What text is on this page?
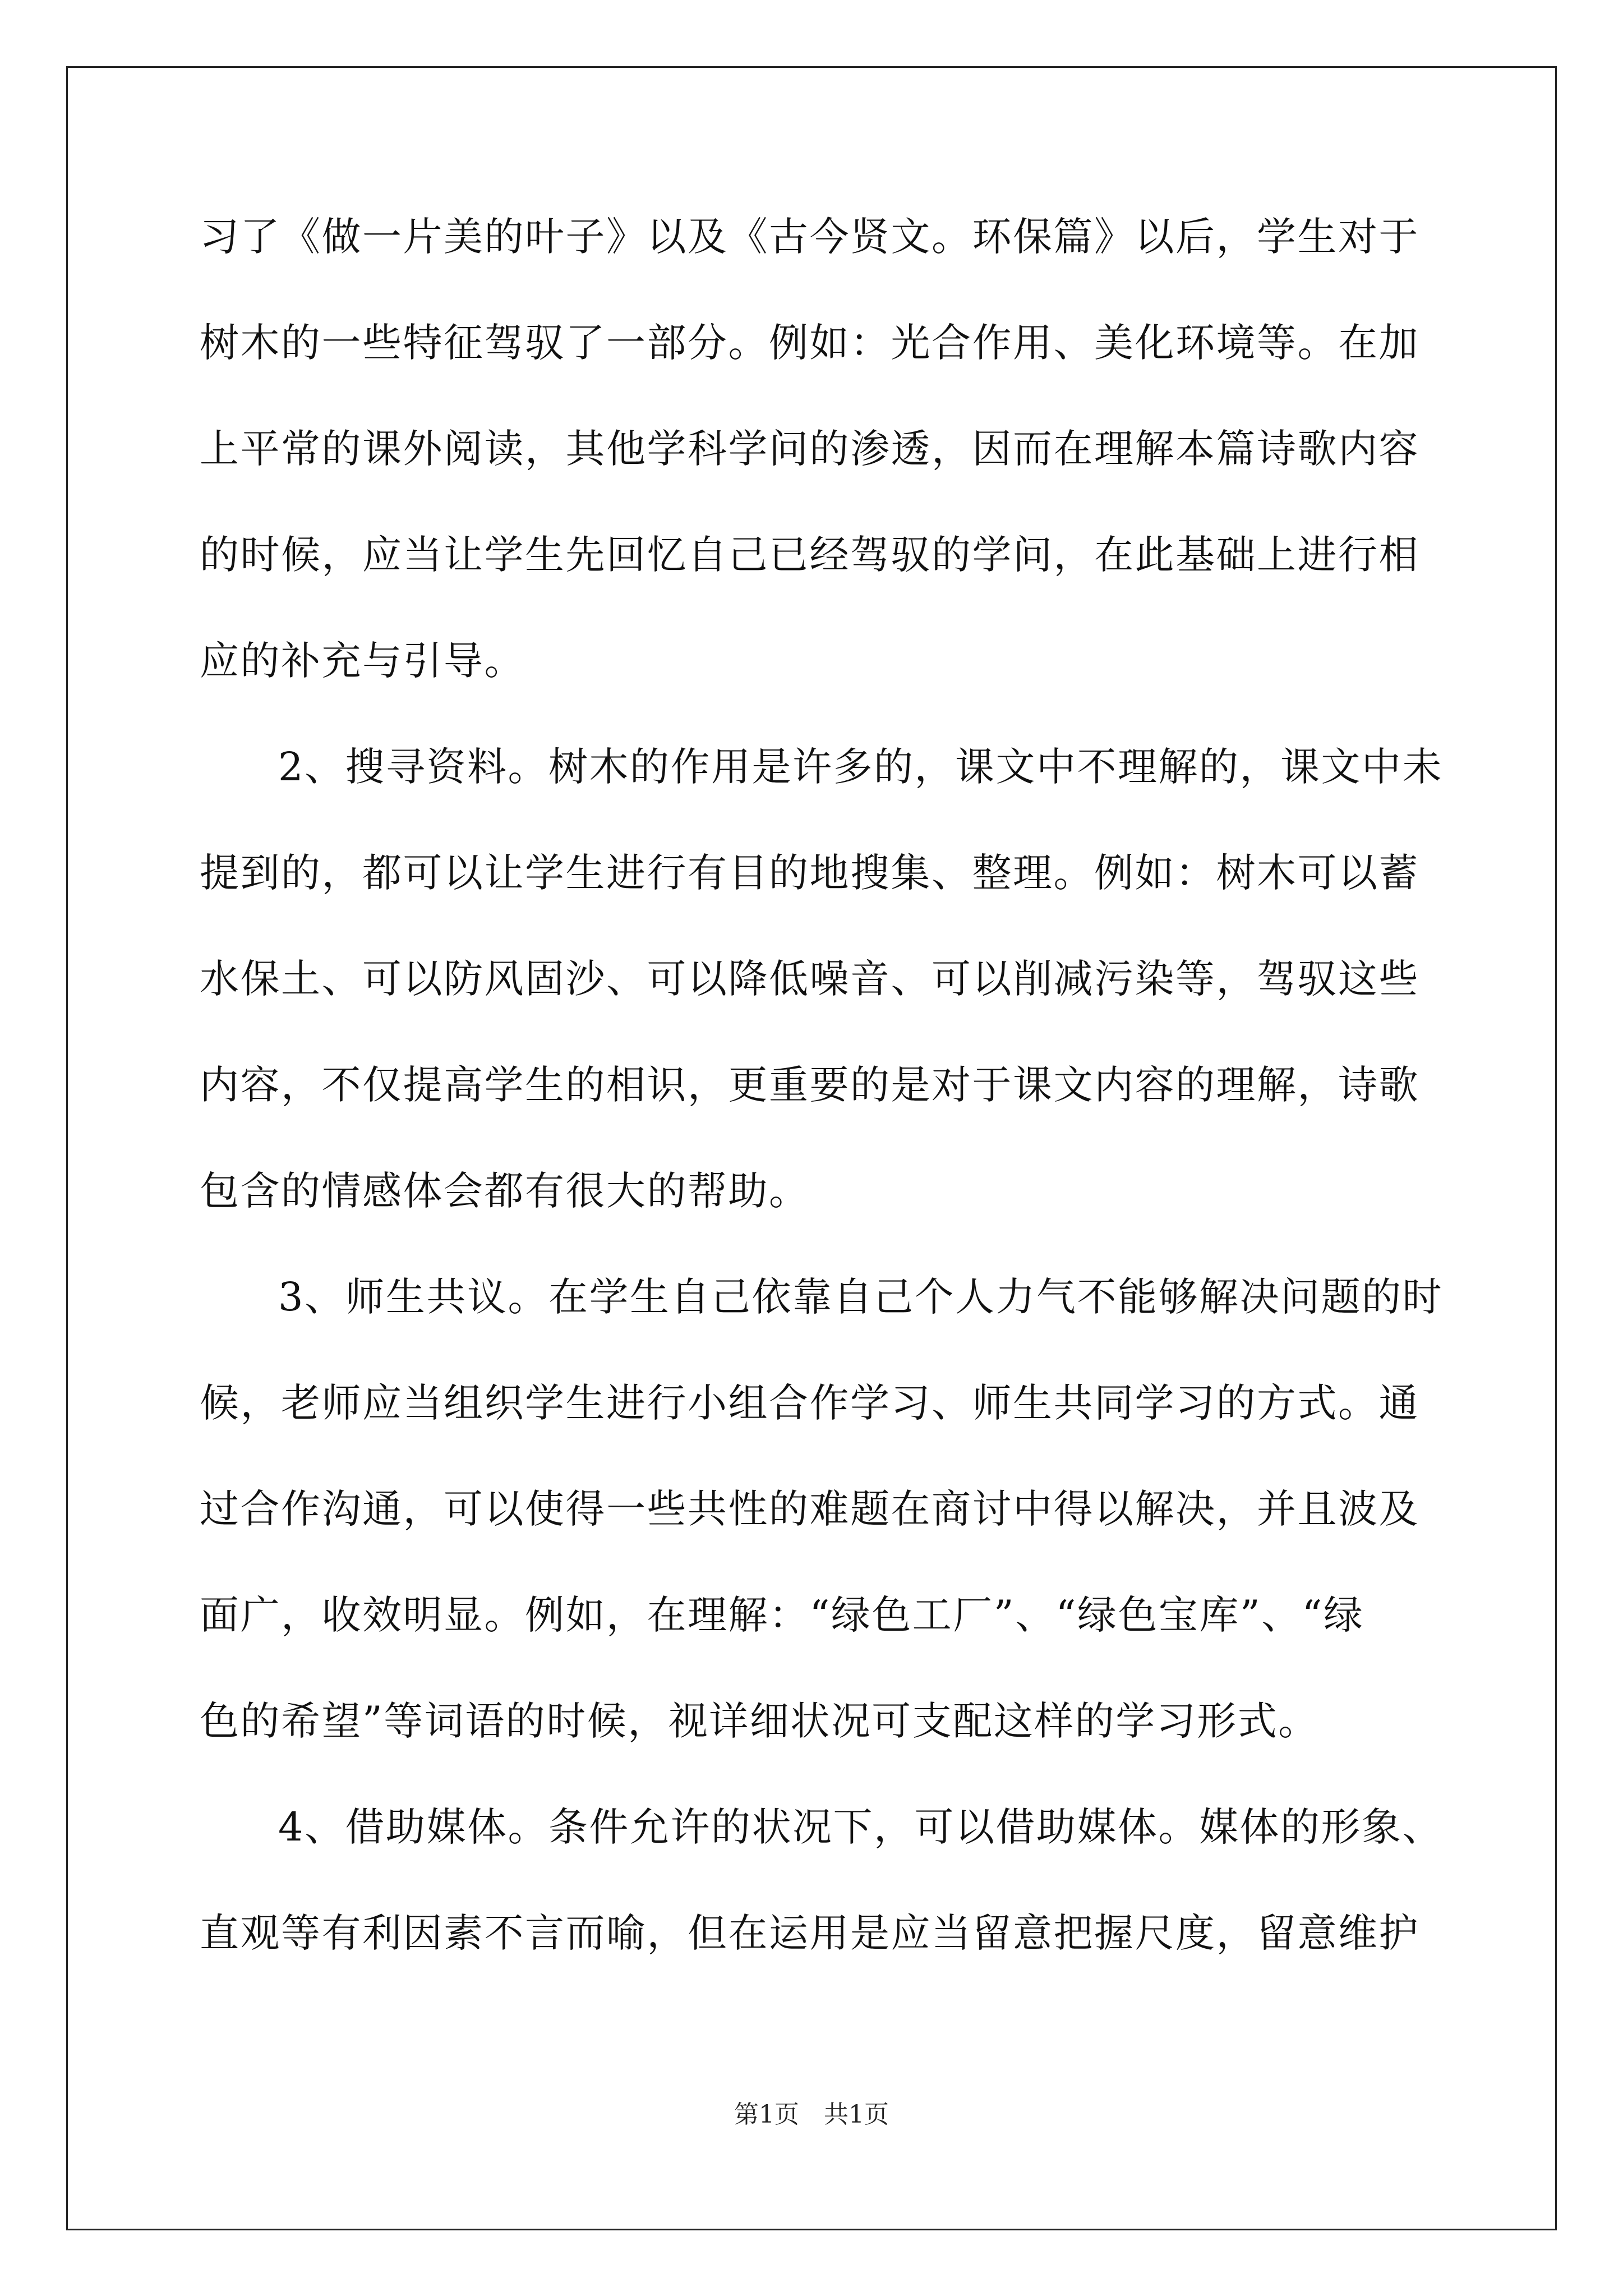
习了《做一片美的叶子》以及《古今贤文。环保篇》以后，学生对于
树木的一些特征驾驭了一部分。例如：光合作用、美化环境等。在加
上平常的课外阅读，其他学科学问的渗透，因而在理解本篇诗歌内容
的时候，应当让学生先回忆自己已经驾驭的学问，在此基础上进行相
应的补充与引导。
2、搜寻资料。树木的作用是许多的，课文中不理解的，课文中未
提到的，都可以让学生进行有目的地搜集、整理。例如：树木可以蓄
水保土、可以防风固沙、可以降低噪音、可以削减污染等，驾驭这些
内容，不仅提高学生的相识，更重要的是对于课文内容的理解，诗歌
包含的情感体会都有很大的帮助。
3、师生共议。在学生自己依靠自己个人力气不能够解决问题的时
候，老师应当组织学生进行小组合作学习、师生共同学习的方式。通
过合作沟通，可以使得一些共性的难题在商讨中得以解决，并且波及
面广，收效明显。例如，在理解：“绿色工厂”、“绿色宝库”、“绿
色的希望”等词语的时候，视详细状况可支配这样的学习形式。
4、借助媒体。条件允许的状况下，可以借助媒体。媒体的形象、
直观等有利因素不言而喻，但在运用是应当留意把握尺度，留意维护
第1页　共1页
